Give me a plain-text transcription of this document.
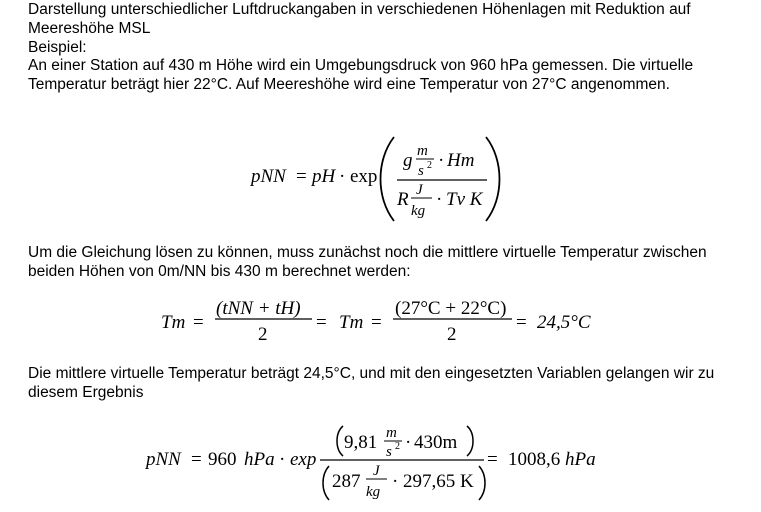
Darstellung unterschiedlicher Luftdruckangaben in verschiedenen Höhenlagen mit Reduktion auf Meereshöhe MSL
Beispiel:
An einer Station auf 430 m Höhe wird ein Umgebungsdruck von 960 hPa gemessen. Die virtuelle Temperatur beträgt hier 22°C. Auf Meereshöhe wird eine Temperatur von 27°C angenommen.
pNN = pH · exp
g m
s 2 · Hm
R J
kg
· Tv K
Um die Gleichung lösen zu können, muss zunächst noch die mittlere virtuelle Temperatur zwischen beiden Höhen von 0m/NN bis 430 m berechnet werden:
Tm =
(tNN + tH)
2
= Tm =
(27°C + 22°C)
2
= 24,5°C
Die mittlere virtuelle Temperatur beträgt 24,5°C, und mit den eingesetzten Variablen gelangen wir zu diesem Ergebnis
pNN = 960 hPa · exp
9,81 m
s 2 · 430m
287 J
kg · 297,65 K
= 1008,6 hPa
